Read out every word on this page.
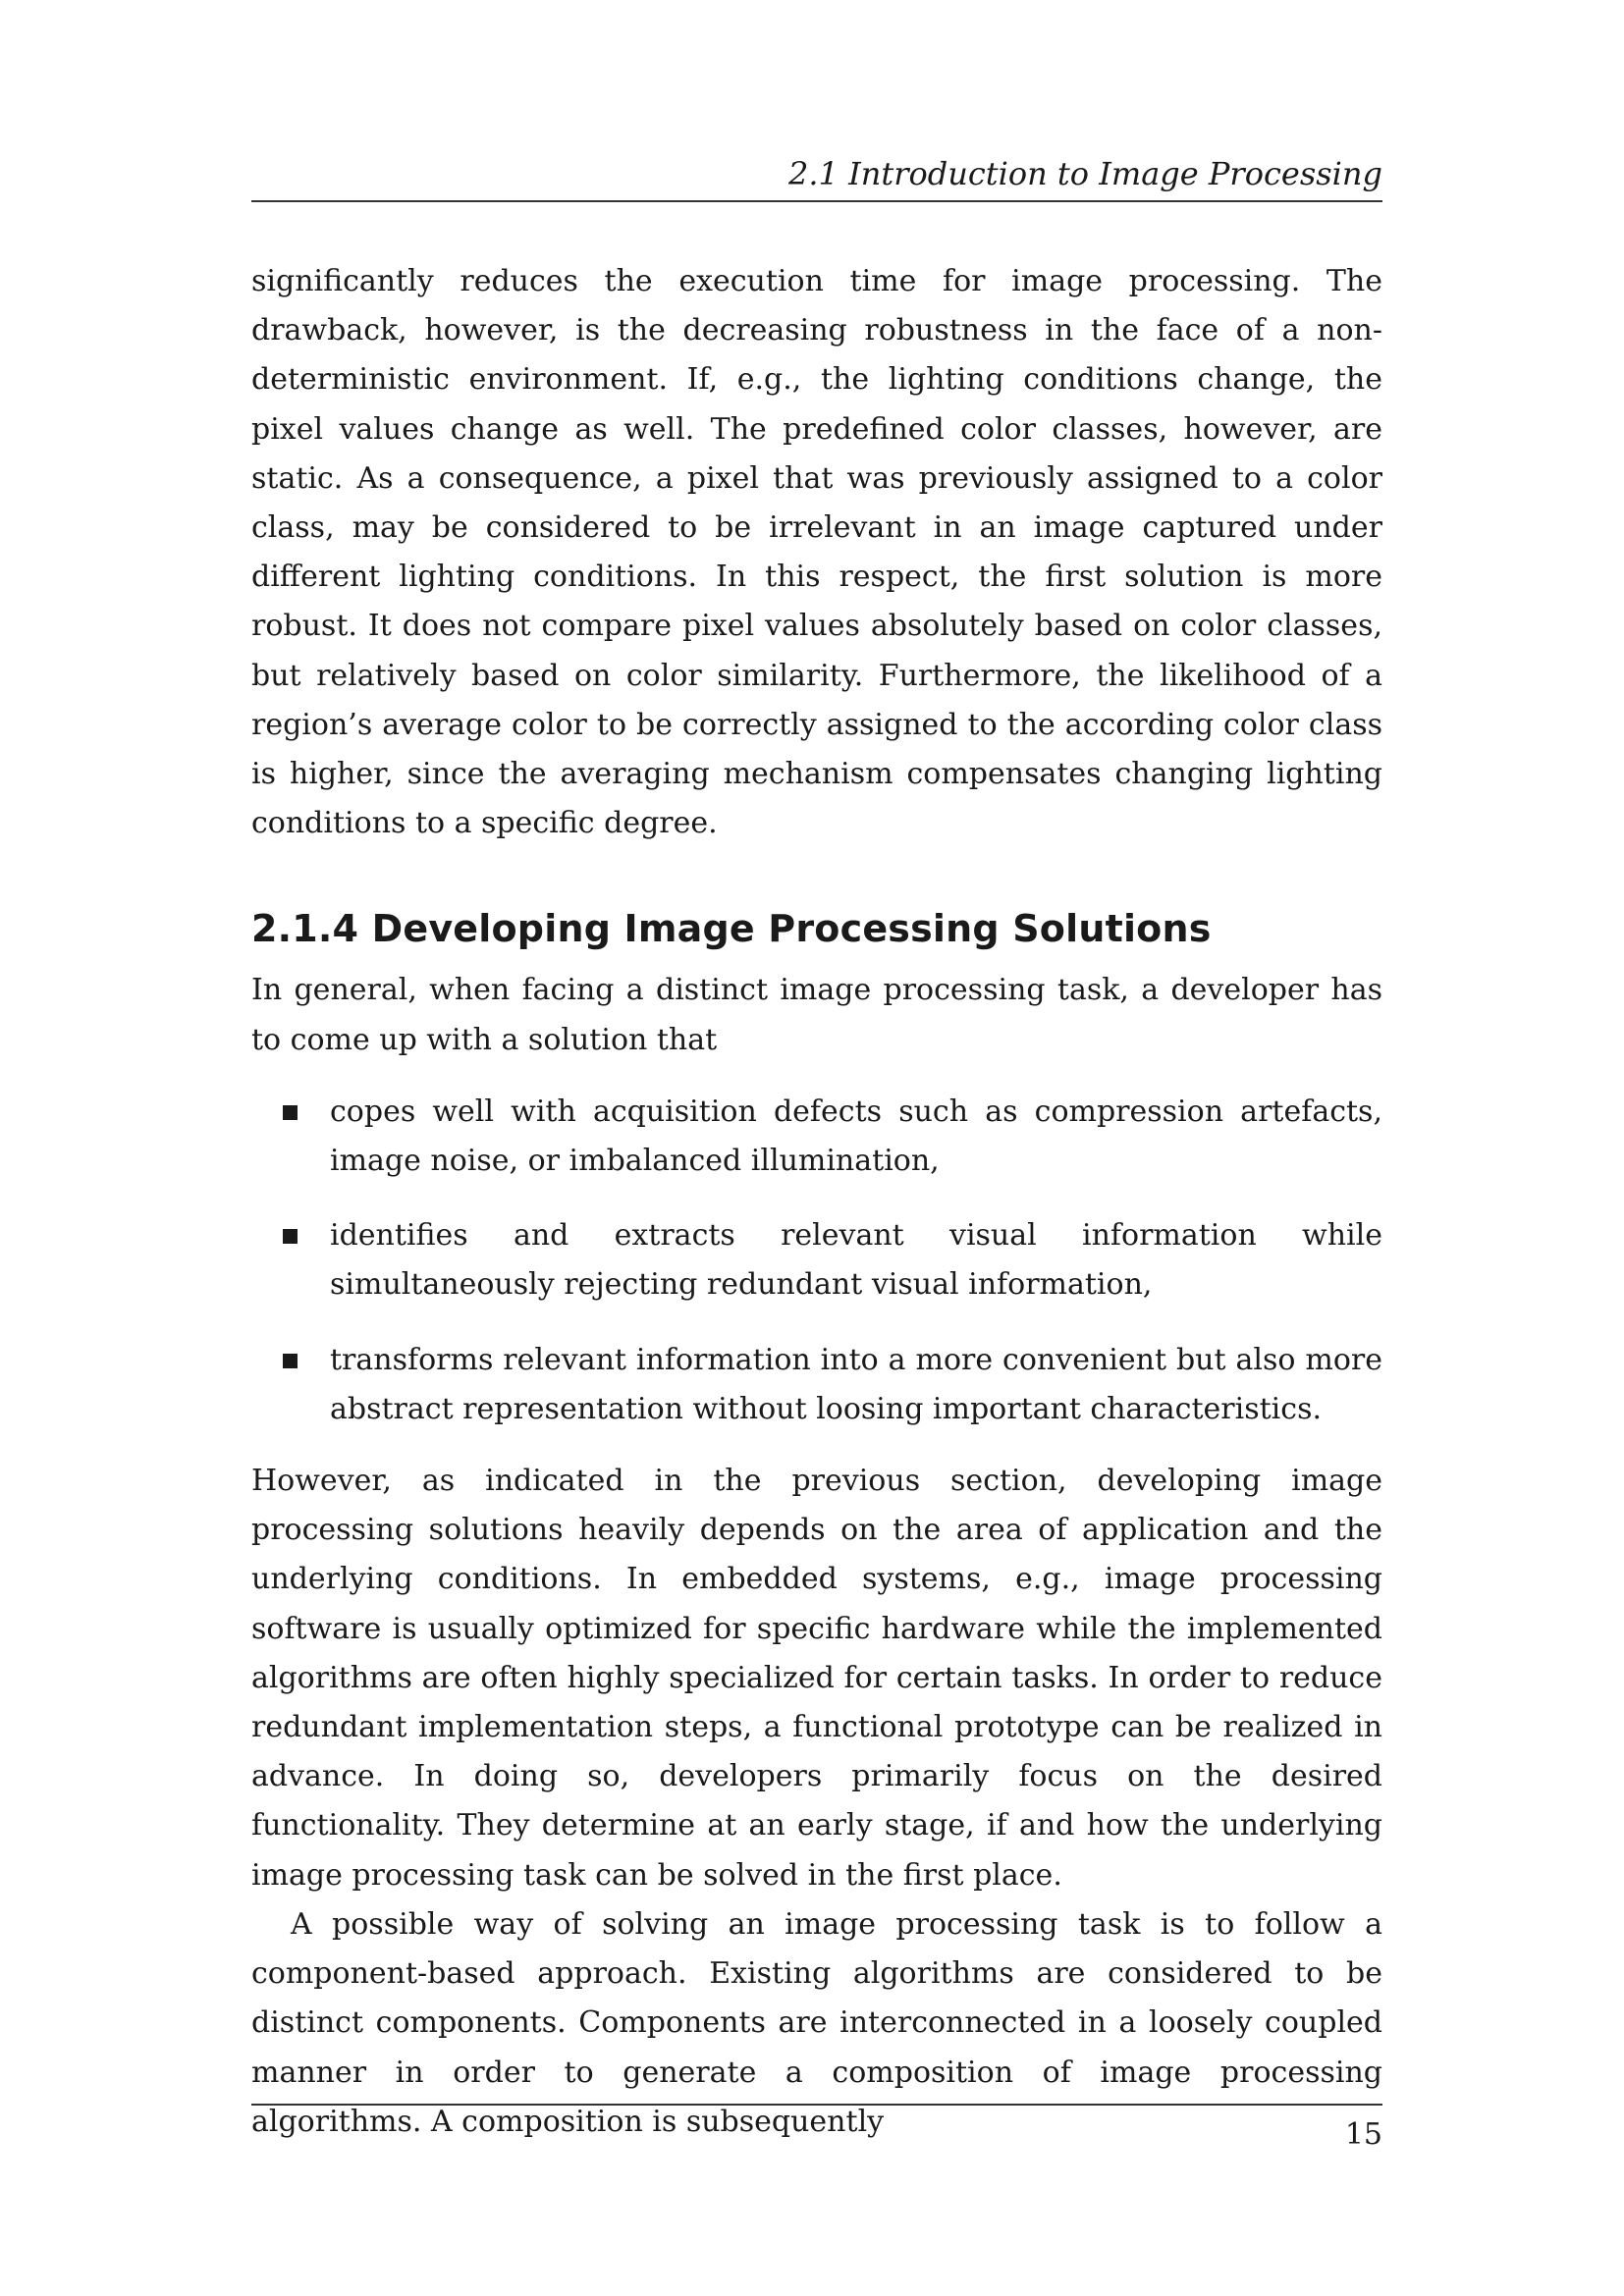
2.1 Introduction to Image Processing

significantly reduces the execution time for image processing. The drawback, however, is the decreasing robustness in the face of a non-deterministic environment. If, e.g., the lighting conditions change, the pixel values change as well. The predefined color classes, however, are static. As a consequence, a pixel that was previously assigned to a color class, may be considered to be irrelevant in an image captured under different lighting conditions. In this respect, the first solution is more robust. It does not compare pixel values absolutely based on color classes, but relatively based on color similarity. Furthermore, the likelihood of a region’s average color to be correctly assigned to the according color class is higher, since the averaging mechanism compensates changing lighting conditions to a specific degree.

2.1.4 Developing Image Processing Solutions

In general, when facing a distinct image processing task, a developer has to come up with a solution that

copes well with acquisition defects such as compression artefacts, image noise, or imbalanced illumination,
identifies and extracts relevant visual information while simultaneously rejecting redundant visual information,
transforms relevant information into a more convenient but also more abstract representation without loosing important characteristics.

However, as indicated in the previous section, developing image processing solutions heavily depends on the area of application and the underlying conditions. In embedded systems, e.g., image processing software is usually optimized for specific hardware while the implemented algorithms are often highly specialized for certain tasks. In order to reduce redundant implementation steps, a functional prototype can be realized in advance. In doing so, developers primarily focus on the desired functionality. They determine at an early stage, if and how the underlying image processing task can be solved in the first place.

A possible way of solving an image processing task is to follow a component-based approach. Existing algorithms are considered to be distinct components. Components are interconnected in a loosely coupled manner in order to generate a composition of image processing algorithms. A composition is subsequently	15
